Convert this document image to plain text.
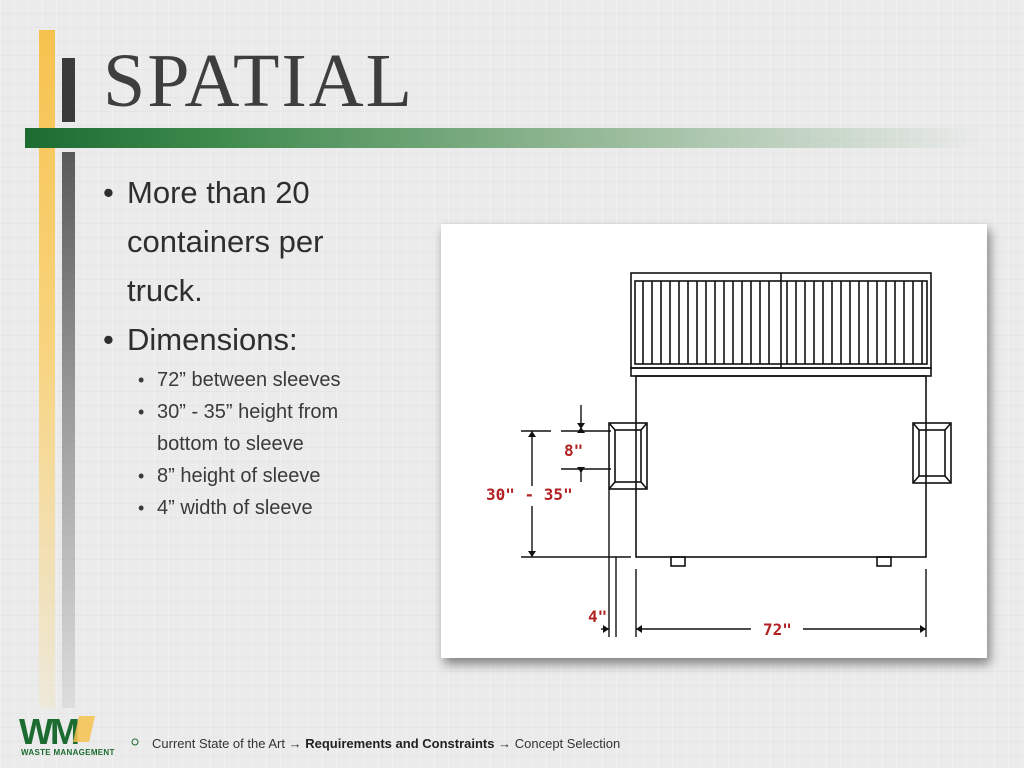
SPATIAL
• More than 20 containers per truck.
• Dimensions:
• 72” between sleeves
• 30” - 35” height from bottom to sleeve
• 8” height of sleeve
• 4” width of sleeve
8"
30" - 35"
4"
72"
WM
WASTE MANAGEMENT
Current State of the Art → Requirements and Constraints → Concept Selection
